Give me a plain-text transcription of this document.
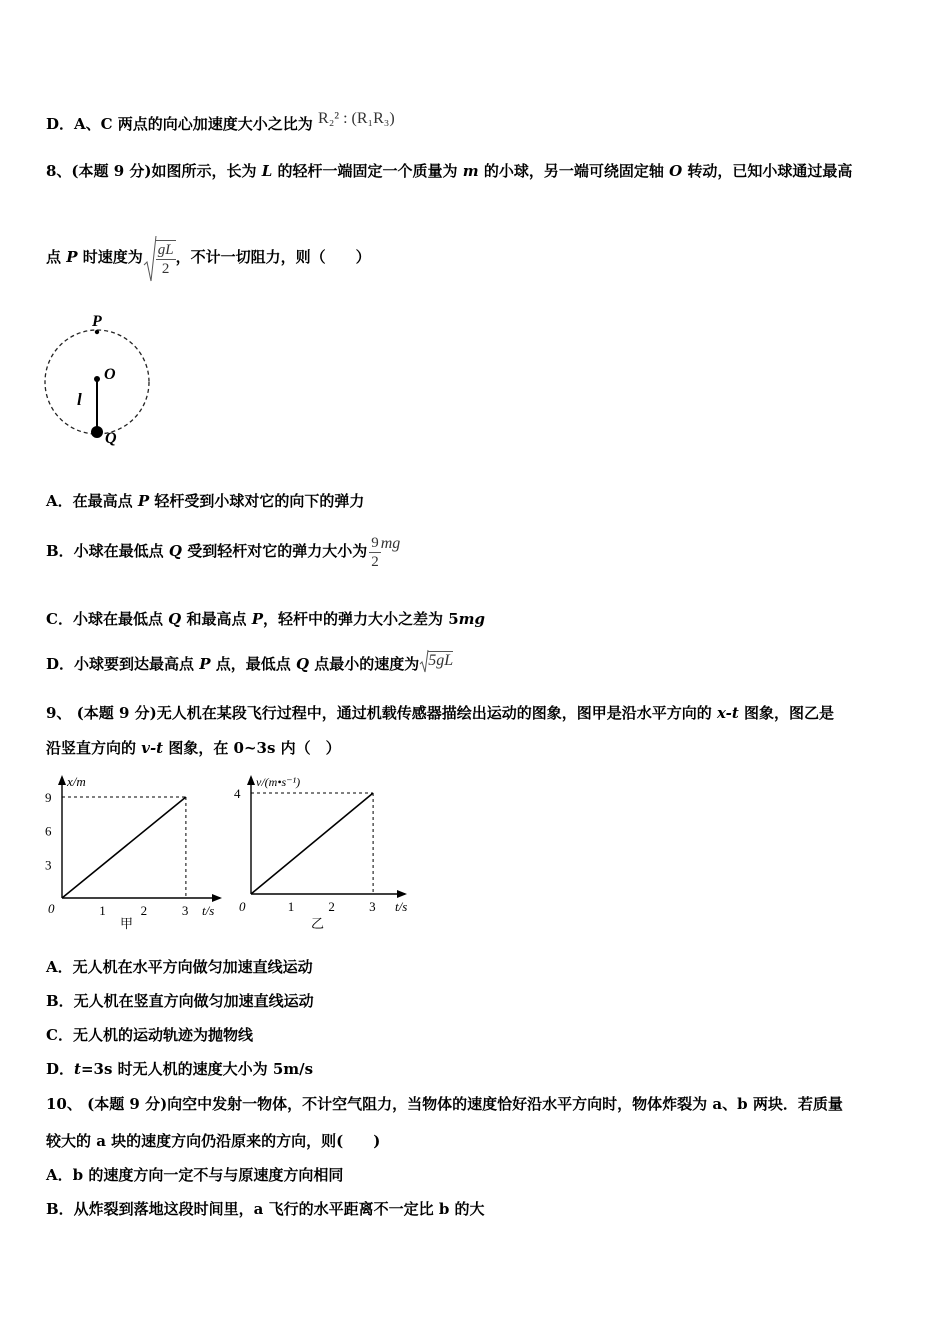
D．A、C 两点的向心加速度大小之比为 R₂² : (R₁R₃)
8、(本题 9 分)如图所示，长为 L 的轻杆一端固定一个质量为 m 的小球，另一端可绕固定轴 O 转动，已知小球通过最高
点 P 时速度为 $\frac{gL}{2}$ ，不计一切阻力，则（　　）
P
O
l
Q
A．在最高点 P 轻杆受到小球对它的向下的弹力
B．小球在最低点 Q 受到轻杆对它的弹力大小为 $\frac{9}{2}$ mg
C．小球在最低点 Q 和最高点 P，轻杆中的弹力大小之差为 5mg
D．小球要到达最高点 P 点，最低点 Q 点最小的速度为 5gL
9、 (本题 9 分)无人机在某段飞行过程中，通过机载传感器描绘出运动的图象，图甲是沿水平方向的 x-t 图象，图乙是
沿竖直方向的 v-t 图象，在 0~3s 内（　）
x/m
t/s
0
甲
1	2	3
3
6
9
v/(m•s⁻¹)
t/s
0
乙
1	2	3
4
A．无人机在水平方向做匀加速直线运动
B．无人机在竖直方向做匀加速直线运动
C．无人机的运动轨迹为抛物线
D．t=3s 时无人机的速度大小为 5m/s
10、 (本题 9 分)向空中发射一物体，不计空气阻力，当物体的速度恰好沿水平方向时，物体炸裂为 a、b 两块．若质量
较大的 a 块的速度方向仍沿原来的方向，则(　　)
A．b 的速度方向一定不与与原速度方向相同
B．从炸裂到落地这段时间里，a 飞行的水平距离不一定比 b 的大
